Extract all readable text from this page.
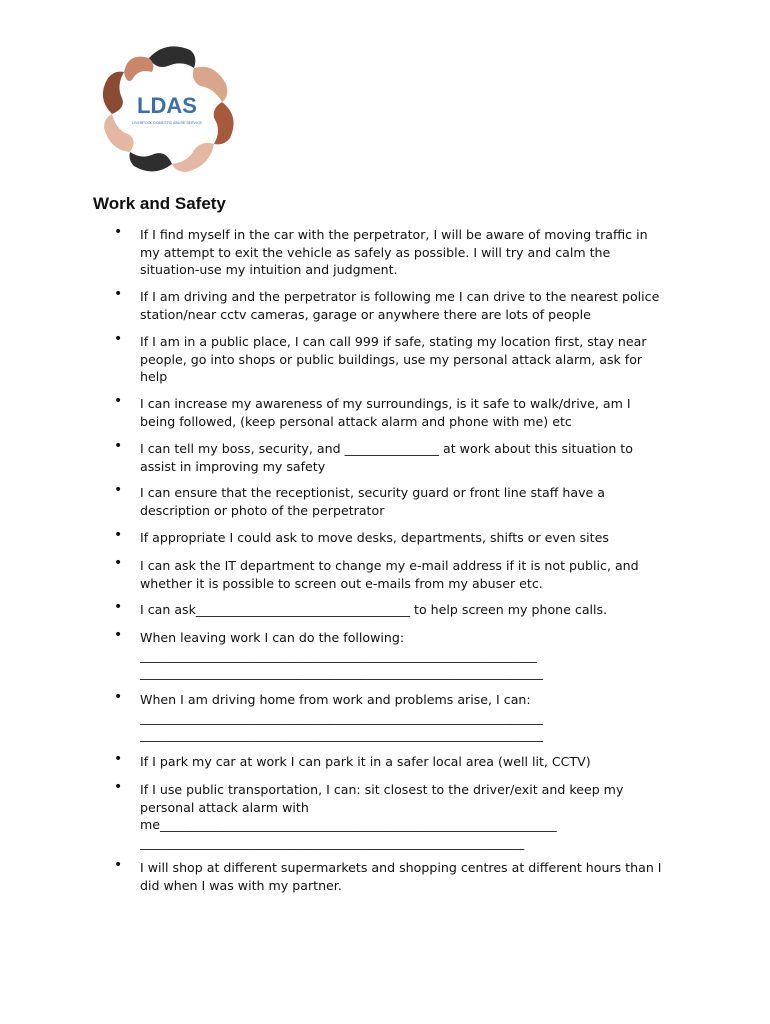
LDAS
LIVERPOOL DOMESTIC ABUSE SERVICE
Work and Safety
• If I find myself in the car with the perpetrator, I will be aware of moving traffic in
my attempt to exit the vehicle as safely as possible. I will try and calm the
situation-use my intuition and judgment.
• If I am driving and the perpetrator is following me I can drive to the nearest police
station/near cctv cameras, garage or anywhere there are lots of people
• If I am in a public place, I can call 999 if safe, stating my location first, stay near
people, go into shops or public buildings, use my personal attack alarm, ask for
help
• I can increase my awareness of my surroundings, is it safe to walk/drive, am I
being followed, (keep personal attack alarm and phone with me) etc
• I can tell my boss, security, and _______________ at work about this situation to
assist in improving my safety
• I can ensure that the receptionist, security guard or front line staff have a
description or photo of the perpetrator
• If appropriate I could ask to move desks, departments, shifts or even sites
• I can ask the IT department to change my e-mail address if it is not public, and
whether it is possible to screen out e-mails from my abuser etc.
• I can ask__________________________________ to help screen my phone calls.
• When leaving work I can do the following:
_______________________________________________________________
________________________________________________________________
• When I am driving home from work and problems arise, I can:
________________________________________________________________
________________________________________________________________
• If I park my car at work I can park it in a safer local area (well lit, CCTV)
• If I use public transportation, I can: sit closest to the driver/exit and keep my
personal attack alarm with
me_______________________________________________________________
_____________________________________________________________
• I will shop at different supermarkets and shopping centres at different hours than I
did when I was with my partner.
